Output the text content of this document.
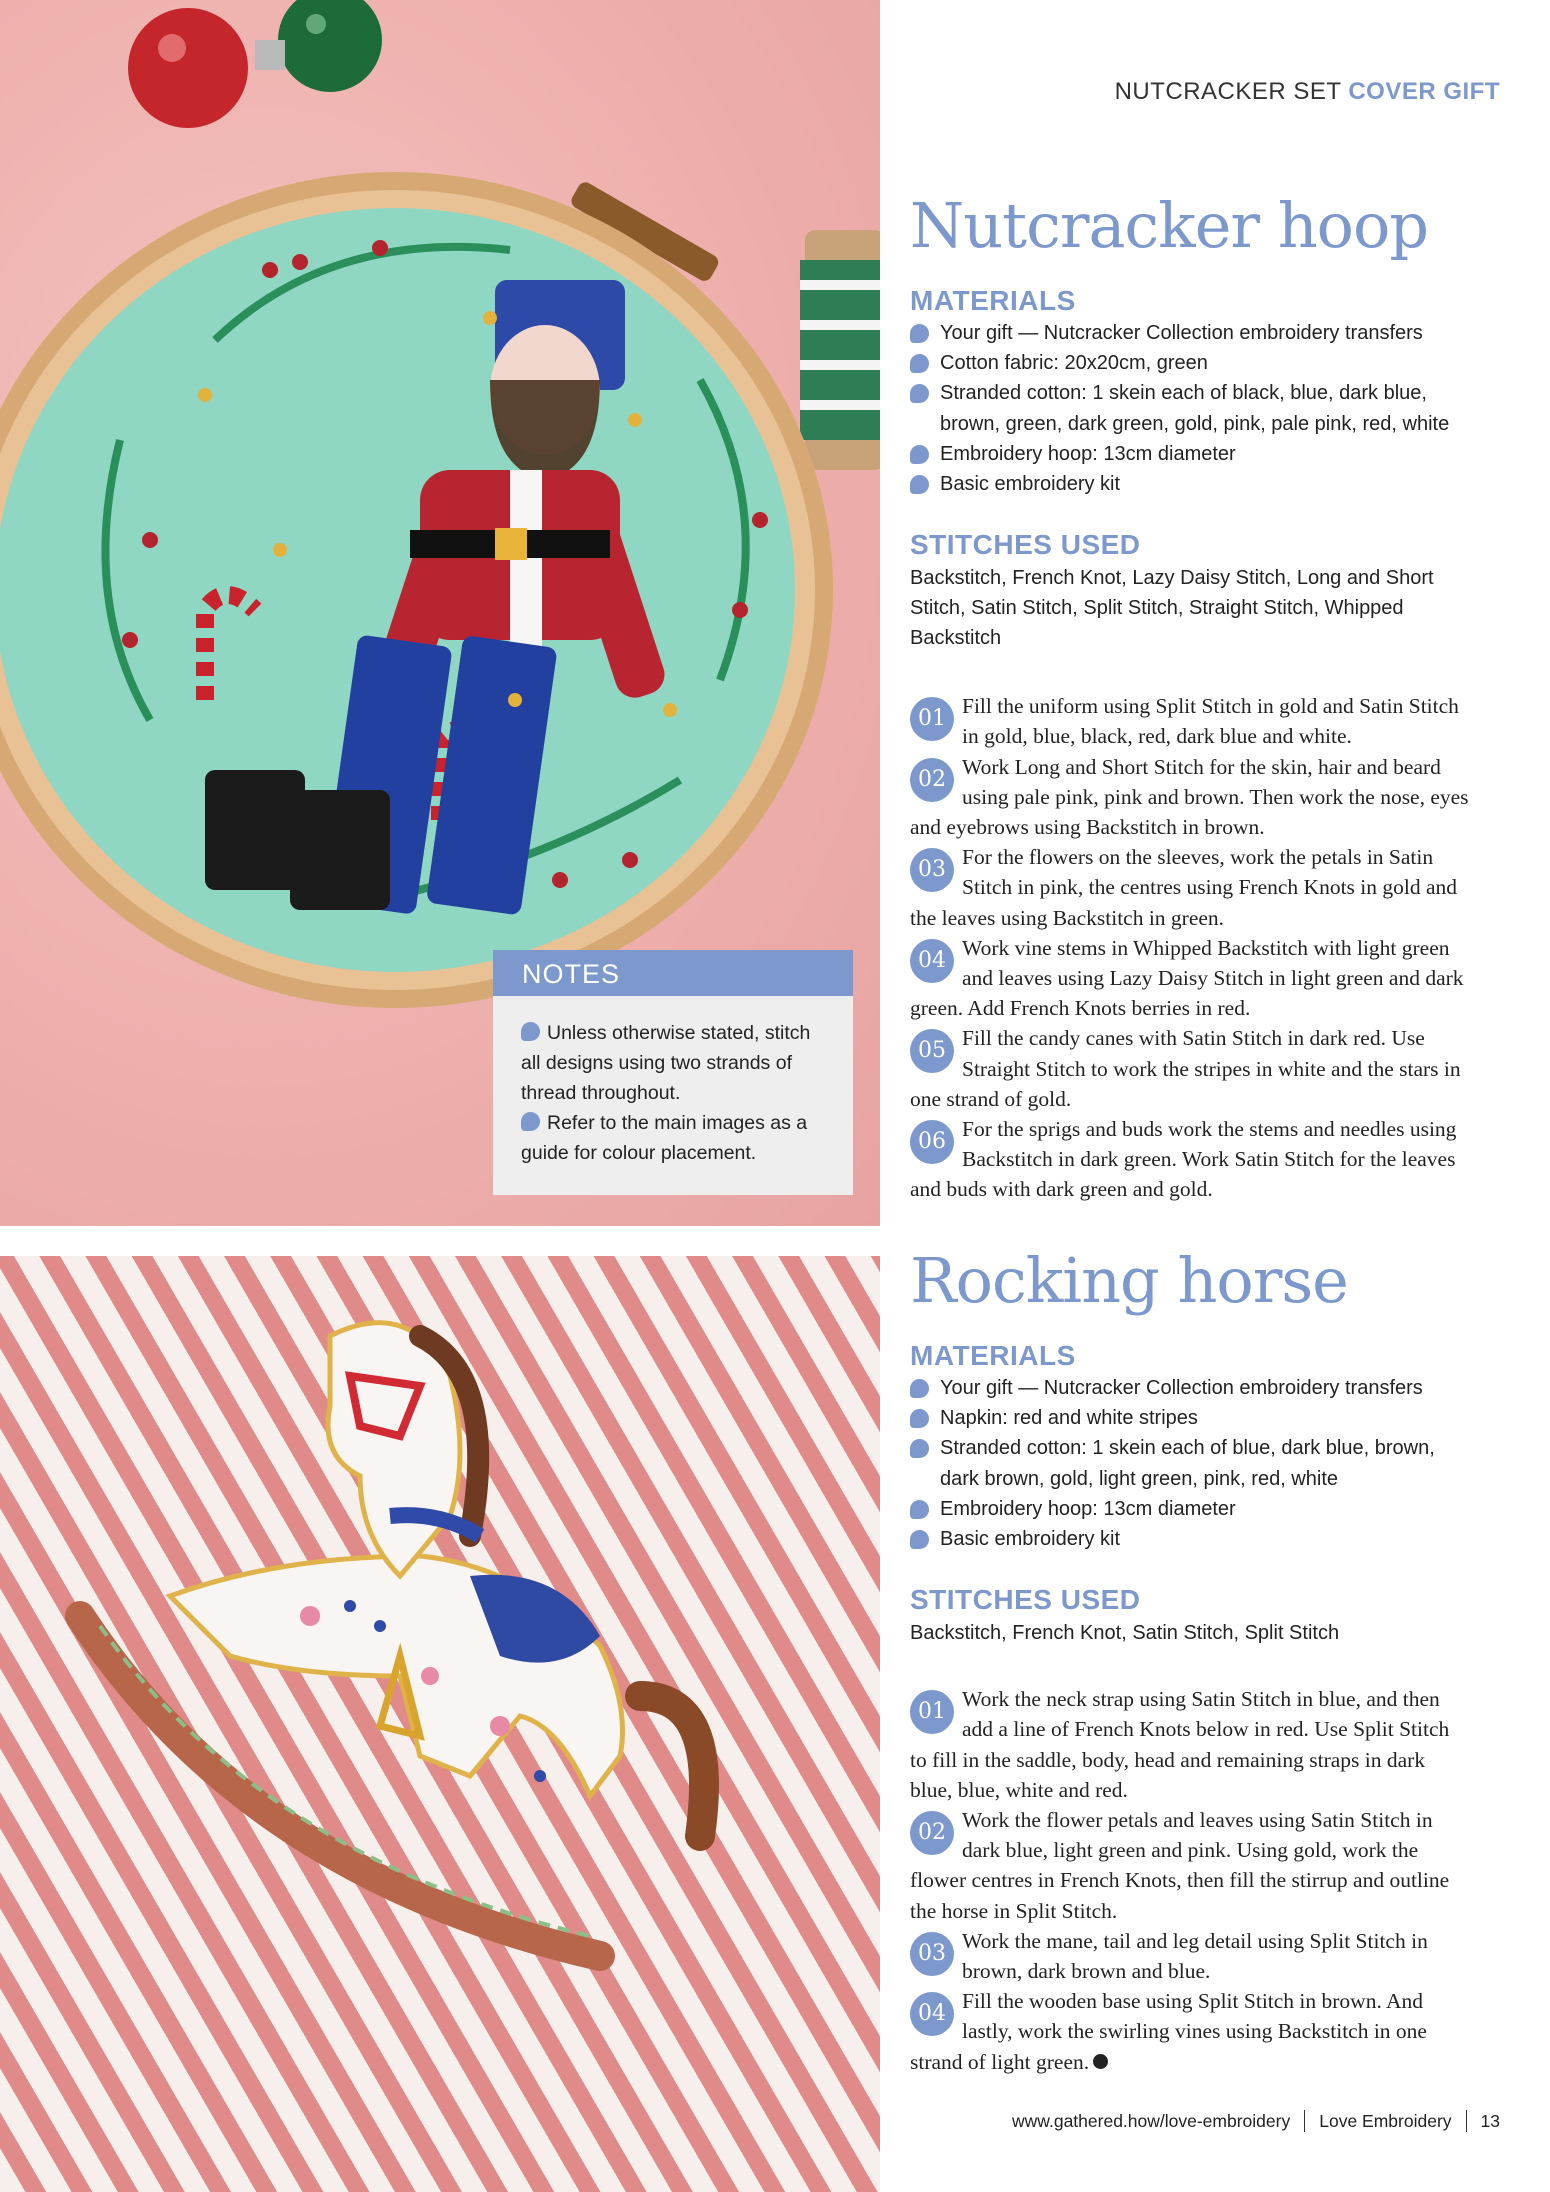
NOTES
Unless otherwise stated, stitch all designs using two strands of thread throughout.
Refer to the main images as a guide for colour placement.
NUTCRACKER SET COVER GIFT
Nutcracker hoop
MATERIALS
Your gift — Nutcracker Collection embroidery transfers
Cotton fabric: 20x20cm, green
Stranded cotton: 1 skein each of black, blue, dark blue, brown, green, dark green, gold, pink, pale pink, red, white
Embroidery hoop: 13cm diameter
Basic embroidery kit
STITCHES USED
Backstitch, French Knot, Lazy Daisy Stitch, Long and Short Stitch, Satin Stitch, Split Stitch, Straight Stitch, Whipped Backstitch
01 Fill the uniform using Split Stitch in gold and Satin Stitch in gold, blue, black, red, dark blue and white.
02 Work Long and Short Stitch for the skin, hair and beard using pale pink, pink and brown. Then work the nose, eyes and eyebrows using Backstitch in brown.
03 For the flowers on the sleeves, work the petals in Satin Stitch in pink, the centres using French Knots in gold and the leaves using Backstitch in green.
04 Work vine stems in Whipped Backstitch with light green and leaves using Lazy Daisy Stitch in light green and dark green. Add French Knots berries in red.
05 Fill the candy canes with Satin Stitch in dark red. Use Straight Stitch to work the stripes in white and the stars in one strand of gold.
06 For the sprigs and buds work the stems and needles using Backstitch in dark green. Work Satin Stitch for the leaves and buds with dark green and gold.
Rocking horse
MATERIALS
Your gift — Nutcracker Collection embroidery transfers
Napkin: red and white stripes
Stranded cotton: 1 skein each of blue, dark blue, brown, dark brown, gold, light green, pink, red, white
Embroidery hoop: 13cm diameter
Basic embroidery kit
STITCHES USED
Backstitch, French Knot, Satin Stitch, Split Stitch
01 Work the neck strap using Satin Stitch in blue, and then add a line of French Knots below in red. Use Split Stitch to fill in the saddle, body, head and remaining straps in dark blue, blue, white and red.
02 Work the flower petals and leaves using Satin Stitch in dark blue, light green and pink. Using gold, work the flower centres in French Knots, then fill the stirrup and outline the horse in Split Stitch.
03 Work the mane, tail and leg detail using Split Stitch in brown, dark brown and blue.
04 Fill the wooden base using Split Stitch in brown. And lastly, work the swirling vines using Backstitch in one strand of light green.
www.gathered.how/love-embroidery Love Embroidery 13
